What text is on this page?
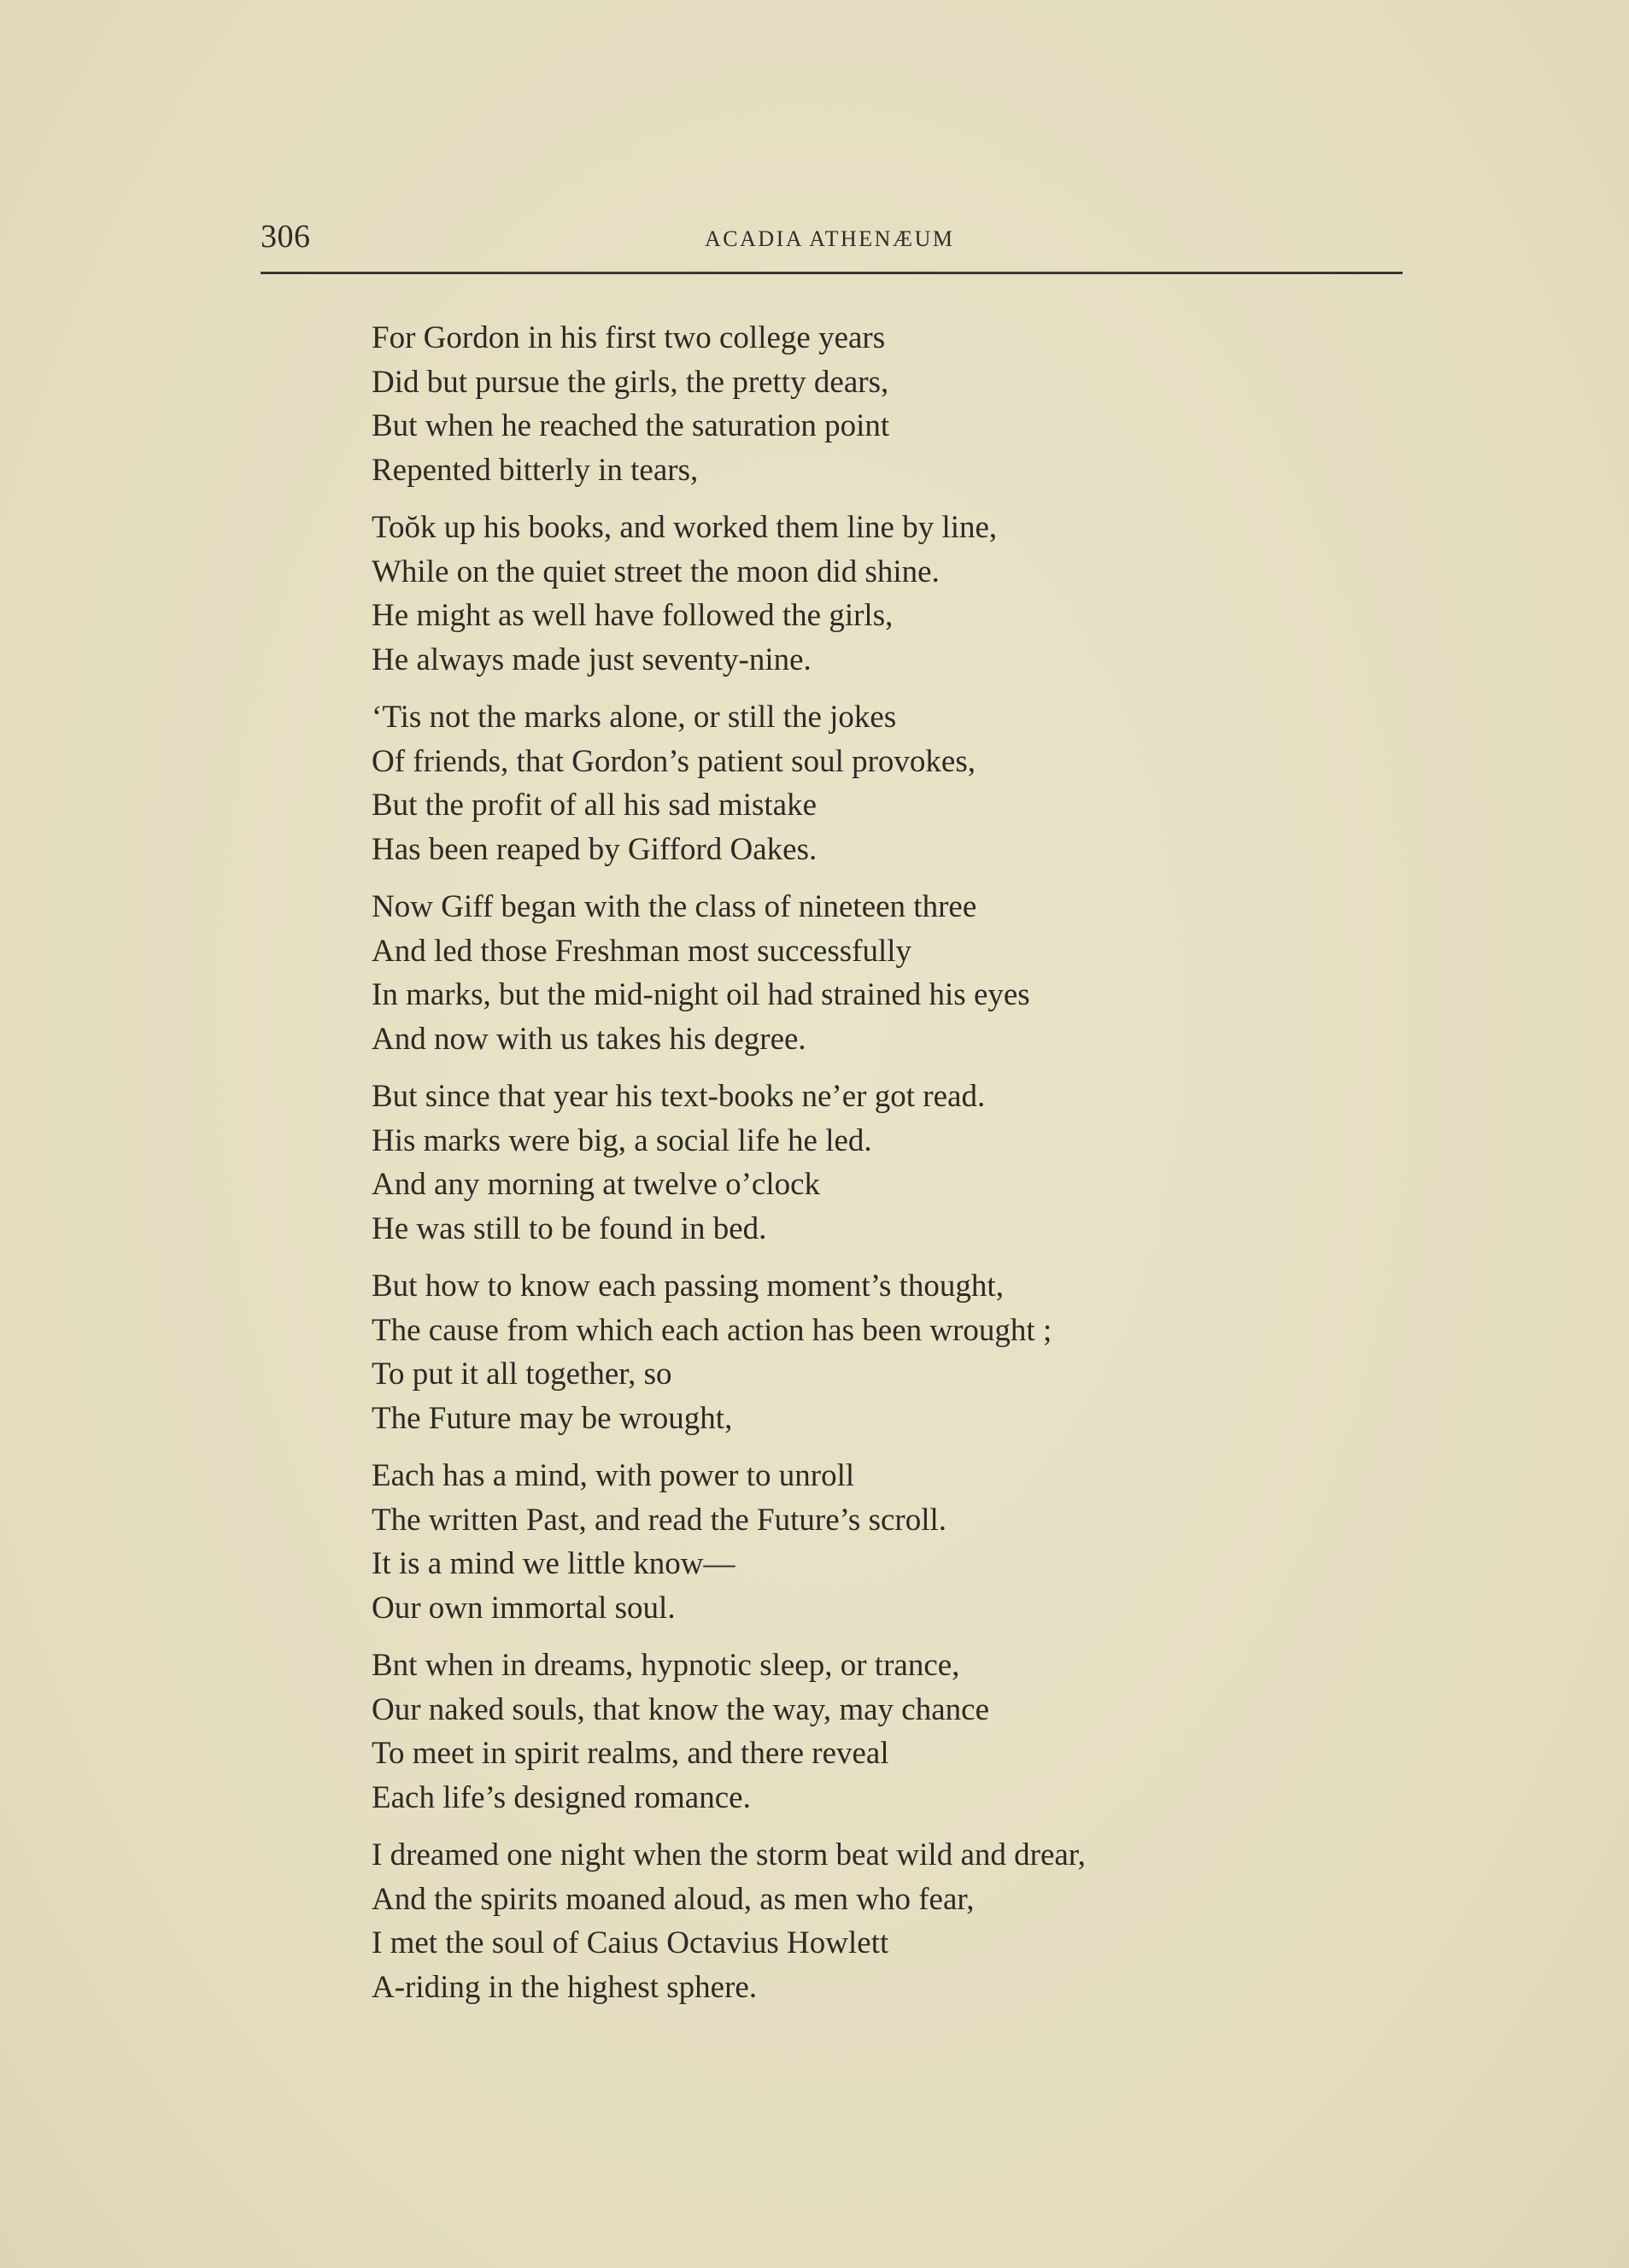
306	ACADIA ATHENÆUM
For Gordon in his first two college years
Did but pursue the girls, the pretty dears,
But when he reached the saturation point
Repented bitterly in tears,
Toŏk up his books, and worked them line by line,
While on the quiet street the moon did shine.
He might as well have followed the girls,
He always made just seventy-nine.
‘Tis not the marks alone, or still the jokes
Of friends, that Gordon’s patient soul provokes,
But the profit of all his sad mistake
Has been reaped by Gifford Oakes.
Now Giff began with the class of nineteen three
And led those Freshman most successfully
In marks, but the mid-night oil had strained his eyes
And now with us takes his degree.
But since that year his text-books ne’er got read.
His marks were big, a social life he led.
And any morning at twelve o’clock
He was still to be found in bed.
But how to know each passing moment’s thought,
The cause from which each action has been wrought ;
To put it all together, so
The Future may be wrought,
Each has a mind, with power to unroll
The written Past, and read the Future’s scroll.
It is a mind we little know—
Our own immortal soul.
Bnt when in dreams, hypnotic sleep, or trance,
Our naked souls, that know the way, may chance
To meet in spirit realms, and there reveal
Each life’s designed romance.
I dreamed one night when the storm beat wild and drear,
And the spirits moaned aloud, as men who fear,
I met the soul of Caius Octavius Howlett
A-riding in the highest sphere.
